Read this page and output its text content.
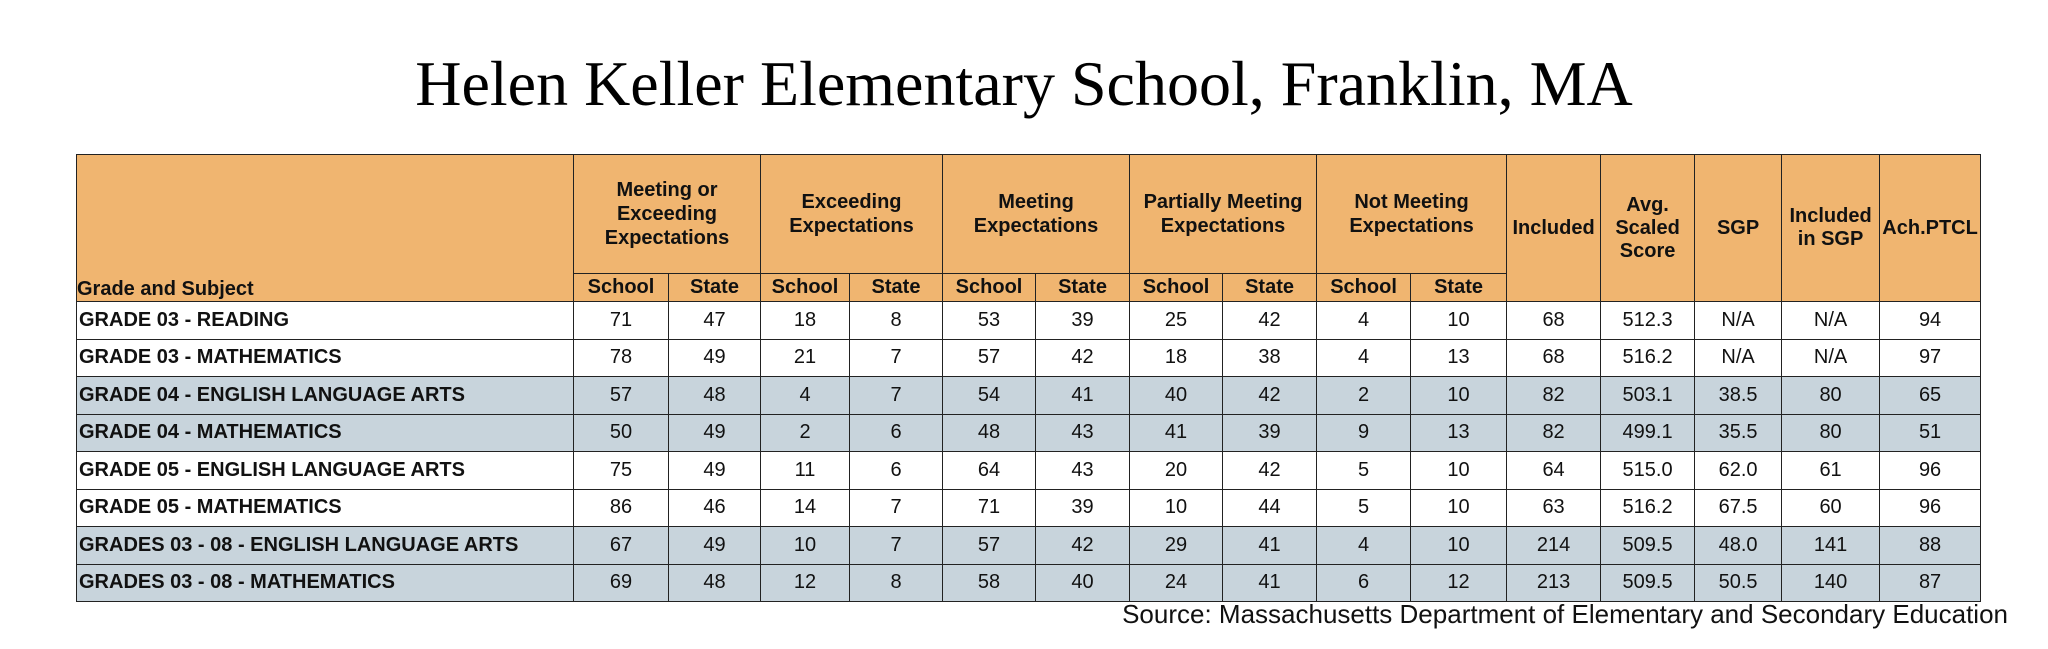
Helen Keller Elementary School, Franklin, MA
Grade and Subject	Meeting or Exceeding Expectations		Exceeding Expectations		Meeting Expectations		Partially Meeting Expectations		Not Meeting Expectations		Included	Avg. Scaled Score	SGP	Included in SGP	Ach.PTCL
	School	State	School	State	School	State	School	State	School	State					
GRADE 03 - READING	71	47	18	8	53	39	25	42	4	10	68	512.3	N/A	N/A	94
GRADE 03 - MATHEMATICS	78	49	21	7	57	42	18	38	4	13	68	516.2	N/A	N/A	97
GRADE 04 - ENGLISH LANGUAGE ARTS	57	48	4	7	54	41	40	42	2	10	82	503.1	38.5	80	65
GRADE 04 - MATHEMATICS	50	49	2	6	48	43	41	39	9	13	82	499.1	35.5	80	51
GRADE 05 - ENGLISH LANGUAGE ARTS	75	49	11	6	64	43	20	42	5	10	64	515.0	62.0	61	96
GRADE 05 - MATHEMATICS	86	46	14	7	71	39	10	44	5	10	63	516.2	67.5	60	96
GRADES 03 - 08 - ENGLISH LANGUAGE ARTS	67	49	10	7	57	42	29	41	4	10	214	509.5	48.0	141	88
GRADES 03 - 08 - MATHEMATICS	69	48	12	8	58	40	24	41	6	12	213	509.5	50.5	140	87
Source: Massachusetts Department of Elementary and Secondary Education
